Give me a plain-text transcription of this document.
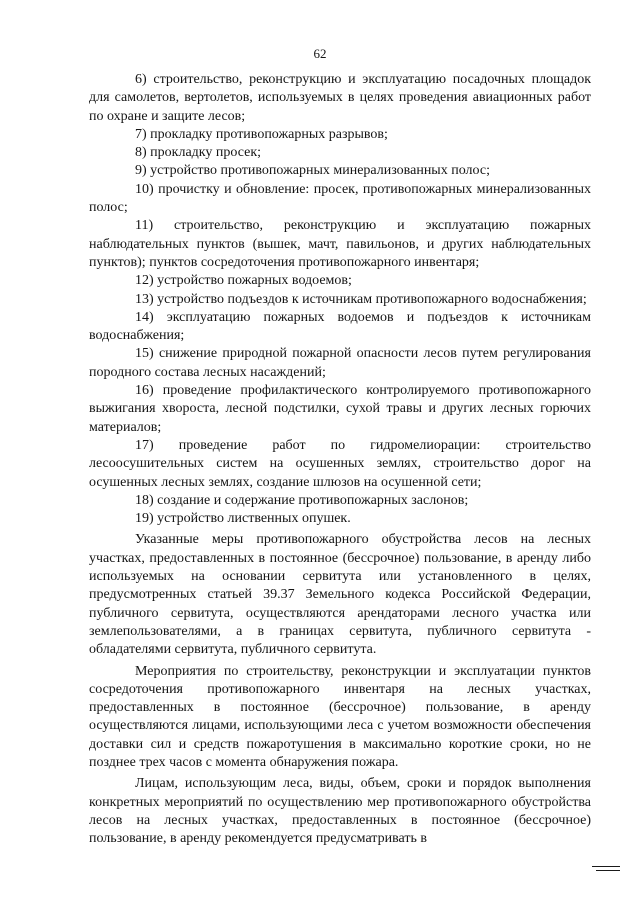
62

6) строительство, реконструкцию и эксплуатацию посадочных площадок для самолетов, вертолетов, используемых в целях проведения авиационных работ по охране и защите лесов;

7) прокладку противопожарных разрывов;

8) прокладку просек;

9) устройство противопожарных минерализованных полос;

10) прочистку и обновление: просек, противопожарных минерализованных полос;

11) строительство, реконструкцию и эксплуатацию пожарных наблюдательных пунктов (вышек, мачт, павильонов, и других наблюдательных пунктов); пунктов сосредоточения противопожарного инвентаря;

12) устройство пожарных водоемов;

13) устройство подъездов к источникам противопожарного водоснабжения;

14) эксплуатацию пожарных водоемов и подъездов к источникам водоснабжения;

15) снижение природной пожарной опасности лесов путем регулирования породного состава лесных насаждений;

16) проведение профилактического контролируемого противопожарного выжигания хвороста, лесной подстилки, сухой травы и других лесных горючих материалов;

17) проведение работ по гидромелиорации: строительство лесоосушительных систем на осушенных землях, строительство дорог на осушенных лесных землях, создание шлюзов на осушенной сети;

18) создание и содержание противопожарных заслонов;

19) устройство лиственных опушек.

Указанные меры противопожарного обустройства лесов на лесных участках, предоставленных в постоянное (бессрочное) пользование, в аренду либо используемых на основании сервитута или установленного в целях, предусмотренных статьей 39.37 Земельного кодекса Российской Федерации, публичного сервитута, осуществляются арендаторами лесного участка или землепользователями, а в границах сервитута, публичного сервитута - обладателями сервитута, публичного сервитута.

Мероприятия по строительству, реконструкции и эксплуатации пунктов сосредоточения противопожарного инвентаря на лесных участках, предоставленных в постоянное (бессрочное) пользование, в аренду осуществляются лицами, использующими леса с учетом возможности обеспечения доставки сил и средств пожаротушения в максимально короткие сроки, но не позднее трех часов с момента обнаружения пожара.

Лицам, использующим леса, виды, объем, сроки и порядок выполнения конкретных мероприятий по осуществлению мер противопожарного обустройства лесов на лесных участках, предоставленных в постоянное (бессрочное) пользование, в аренду рекомендуется предусматривать в
